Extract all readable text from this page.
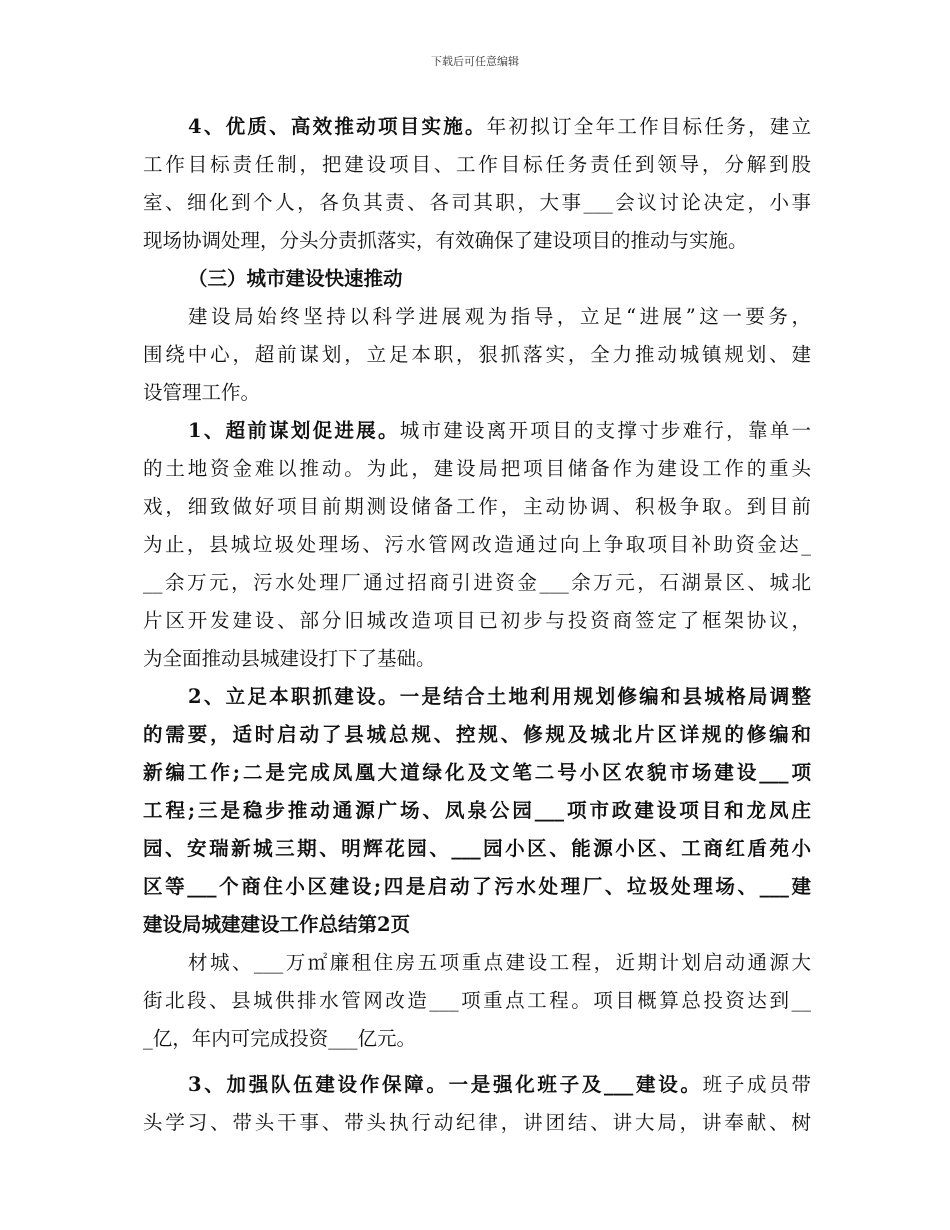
下载后可任意编辑
4、优质、高效推动项目实施。年初拟订全年工作目标任务，建立
工作目标责任制，把建设项目、工作目标任务责任到领导，分解到股
室、细化到个人，各负其责、各司其职，大事___会议讨论决定，小事
现场协调处理，分头分责抓落实，有效确保了建设项目的推动与实施。
（三）城市建设快速推动
建设局始终坚持以科学进展观为指导，立足“进展”这一要务，
围绕中心，超前谋划，立足本职，狠抓落实，全力推动城镇规划、建
设管理工作。
1、超前谋划促进展。城市建设离开项目的支撑寸步难行，靠单一
的土地资金难以推动。为此，建设局把项目储备作为建设工作的重头
戏，细致做好项目前期测设储备工作，主动协调、积极争取。到目前
为止，县城垃圾处理场、污水管网改造通过向上争取项目补助资金达_
__余万元，污水处理厂通过招商引进资金___余万元，石湖景区、城北
片区开发建设、部分旧城改造项目已初步与投资商签定了框架协议，
为全面推动县城建设打下了基础。
2、立足本职抓建设。一是结合土地利用规划修编和县城格局调整
的需要，适时启动了县城总规、控规、修规及城北片区详规的修编和
新编工作;二是完成凤凰大道绿化及文笔二号小区农貌市场建设___项
工程;三是稳步推动通源广场、凤泉公园___项市政建设项目和龙凤庄
园、安瑞新城三期、明辉花园、___园小区、能源小区、工商红盾苑小
区等___个商住小区建设;四是启动了污水处理厂、垃圾处理场、___建
建设局城建建设工作总结第2页
材城、___万㎡廉租住房五项重点建设工程，近期计划启动通源大
街北段、县城供排水管网改造___项重点工程。项目概算总投资达到__
_亿，年内可完成投资___亿元。
3、加强队伍建设作保障。一是强化班子及___建设。班子成员带
头学习、带头干事、带头执行动纪律，讲团结、讲大局，讲奉献、树
